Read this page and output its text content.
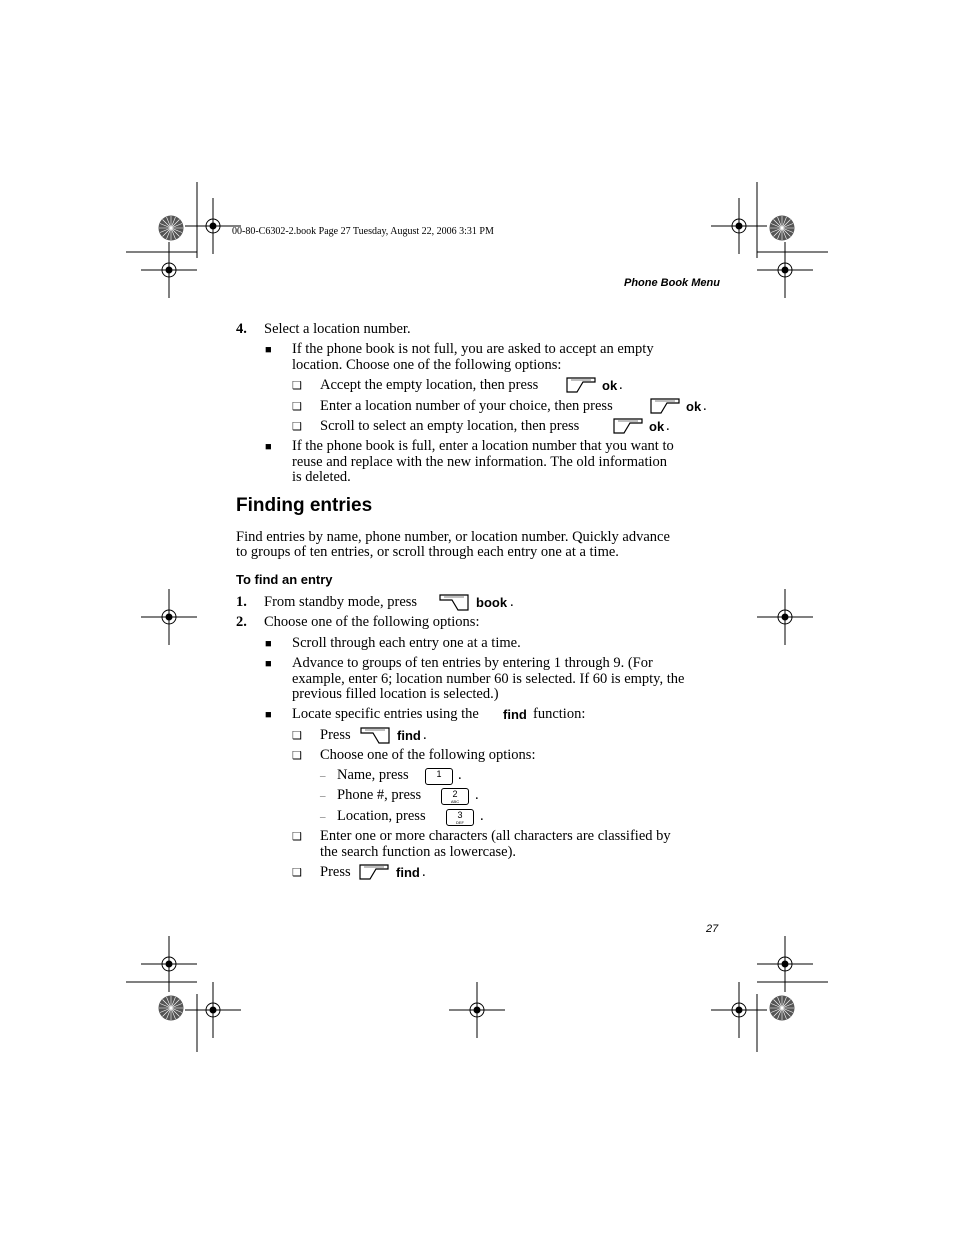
00-80-C6302-2.book Page 27 Tuesday, August 22, 2006 3:31 PM
Phone Book Menu
4. Select a location number.
■ If the phone book is not full, you are asked to accept an empty
location. Choose one of the following options:
❑ Accept the empty location, then press	ok .
❑ Enter a location number of your choice, then press	ok .
❑ Scroll to select an empty location, then press	ok .
■ If the phone book is full, enter a location number that you want to
reuse and replace with the new information. The old information
is deleted.
Finding entries
Find entries by name, phone number, or location number. Quickly advance
to groups of ten entries, or scroll through each entry one at a time.
To find an entry
1. From standby mode, press	book .
2. Choose one of the following options:
■ Scroll through each entry one at a time.
■ Advance to groups of ten entries by entering 1 through 9. (For
example, enter 6; location number 60 is selected. If 60 is empty, the
previous filled location is selected.)
■ Locate specific entries using the find function:
❑ Press	find .
❑ Choose one of the following options:
– Name, press	1	.
– Phone #, press	2
ABC	.
– Location, press	3
DEF	.
❑ Enter one or more characters (all characters are classified by
the search function as lowercase).
❑ Press	find .
27
